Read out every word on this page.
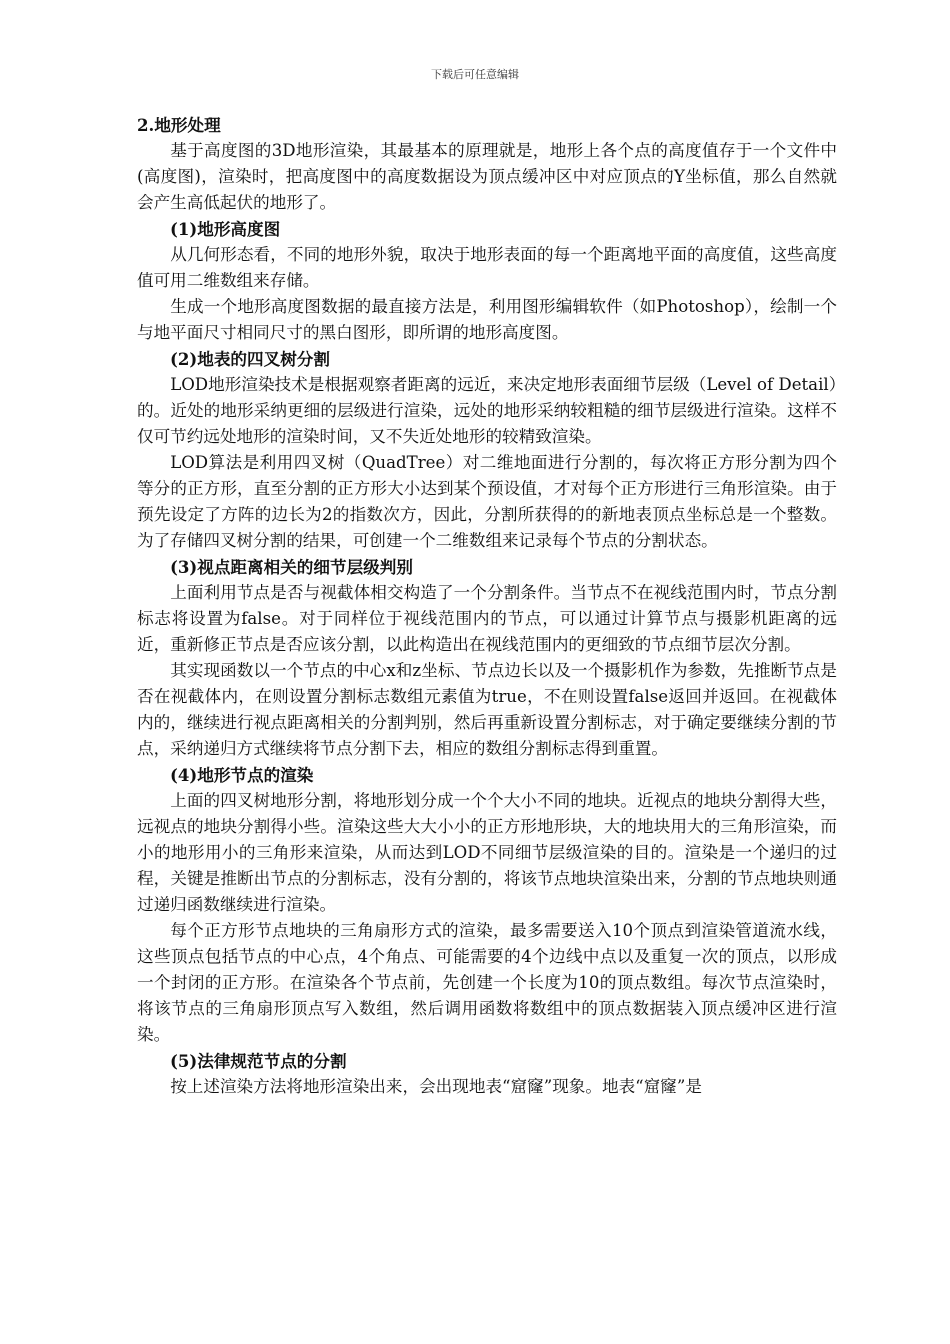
下载后可任意编辑

2.地形处理

基于高度图的3D地形渲染，其最基本的原理就是，地形上各个点的高度值存于一个文件中(高度图)，渲染时，把高度图中的高度数据设为顶点缓冲区中对应顶点的Y坐标值，那么自然就会产生高低起伏的地形了。

(1)地形高度图

从几何形态看，不同的地形外貌，取决于地形表面的每一个距离地平面的高度值，这些高度值可用二维数组来存储。

生成一个地形高度图数据的最直接方法是，利用图形编辑软件（如Photoshop），绘制一个与地平面尺寸相同尺寸的黑白图形，即所谓的地形高度图。

(2)地表的四叉树分割

LOD地形渲染技术是根据观察者距离的远近，来决定地形表面细节层级（Level of Detail）的。近处的地形采纳更细的层级进行渲染，远处的地形采纳较粗糙的细节层级进行渲染。这样不仅可节约远处地形的渲染时间，又不失近处地形的较精致渲染。

LOD算法是利用四叉树（QuadTree）对二维地面进行分割的，每次将正方形分割为四个等分的正方形，直至分割的正方形大小达到某个预设值，才对每个正方形进行三角形渲染。由于预先设定了方阵的边长为2的指数次方，因此，分割所获得的的新地表顶点坐标总是一个整数。为了存储四叉树分割的结果，可创建一个二维数组来记录每个节点的分割状态。

(3)视点距离相关的细节层级判别

上面利用节点是否与视截体相交构造了一个分割条件。当节点不在视线范围内时，节点分割标志将设置为false。对于同样位于视线范围内的节点，可以通过计算节点与摄影机距离的远近，重新修正节点是否应该分割，以此构造出在视线范围内的更细致的节点细节层次分割。

其实现函数以一个节点的中心x和z坐标、节点边长以及一个摄影机作为参数，先推断节点是否在视截体内，在则设置分割标志数组元素值为true，不在则设置false返回并返回。在视截体内的，继续进行视点距离相关的分割判别，然后再重新设置分割标志，对于确定要继续分割的节点，采纳递归方式继续将节点分割下去，相应的数组分割标志得到重置。

(4)地形节点的渲染

上面的四叉树地形分割，将地形划分成一个个大小不同的地块。近视点的地块分割得大些，远视点的地块分割得小些。渲染这些大大小小的正方形地形块，大的地块用大的三角形渲染，而小的地形用小的三角形来渲染，从而达到LOD不同细节层级渲染的目的。渲染是一个递归的过程，关键是推断出节点的分割标志，没有分割的，将该节点地块渲染出来，分割的节点地块则通过递归函数继续进行渲染。

每个正方形节点地块的三角扇形方式的渲染，最多需要送入10个顶点到渲染管道流水线，这些顶点包括节点的中心点，4个角点、可能需要的4个边线中点以及重复一次的顶点，以形成一个封闭的正方形。在渲染各个节点前，先创建一个长度为10的顶点数组。每次节点渲染时，将该节点的三角扇形顶点写入数组，然后调用函数将数组中的顶点数据装入顶点缓冲区进行渲染。

(5)法律规范节点的分割

按上述渲染方法将地形渲染出来，会出现地表“窟窿”现象。地表“窟窿”是
